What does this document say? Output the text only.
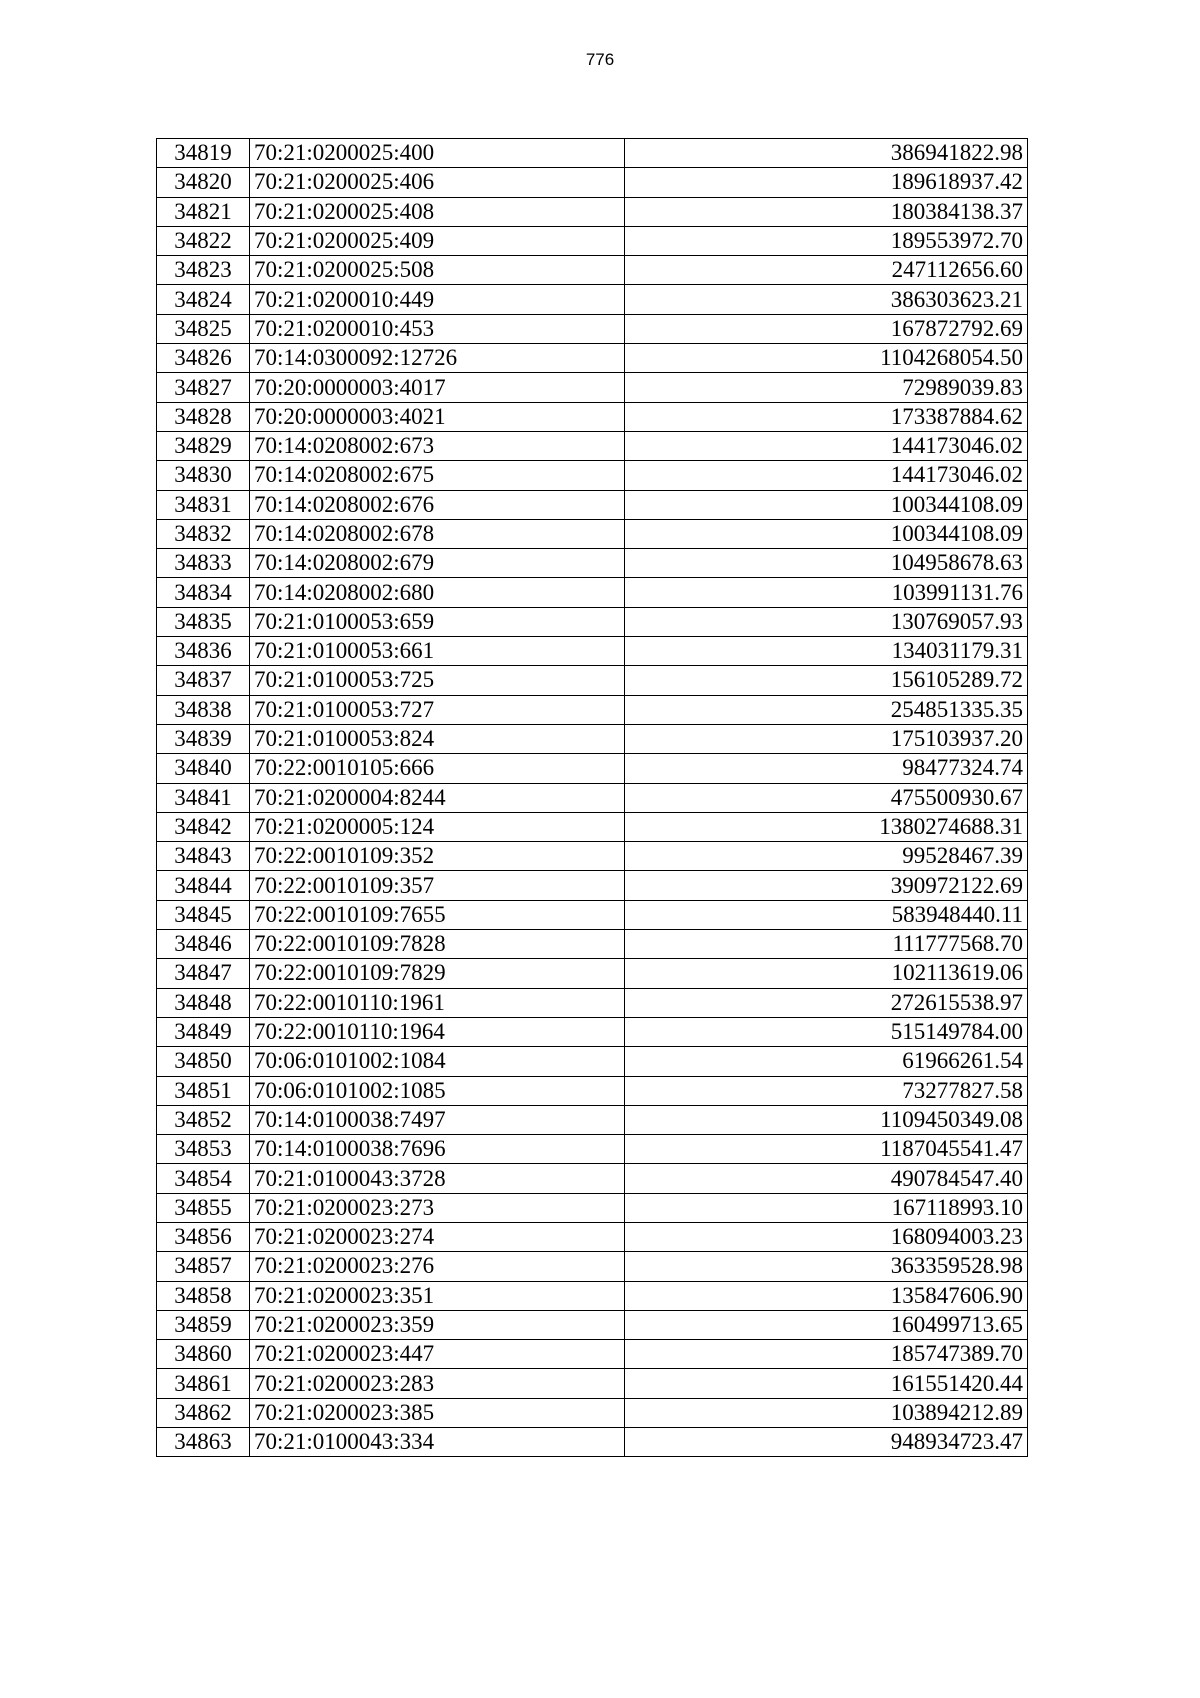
776
34819	70:21:0200025:400	386941822.98
34820	70:21:0200025:406	189618937.42
34821	70:21:0200025:408	180384138.37
34822	70:21:0200025:409	189553972.70
34823	70:21:0200025:508	247112656.60
34824	70:21:0200010:449	386303623.21
34825	70:21:0200010:453	167872792.69
34826	70:14:0300092:12726	1104268054.50
34827	70:20:0000003:4017	72989039.83
34828	70:20:0000003:4021	173387884.62
34829	70:14:0208002:673	144173046.02
34830	70:14:0208002:675	144173046.02
34831	70:14:0208002:676	100344108.09
34832	70:14:0208002:678	100344108.09
34833	70:14:0208002:679	104958678.63
34834	70:14:0208002:680	103991131.76
34835	70:21:0100053:659	130769057.93
34836	70:21:0100053:661	134031179.31
34837	70:21:0100053:725	156105289.72
34838	70:21:0100053:727	254851335.35
34839	70:21:0100053:824	175103937.20
34840	70:22:0010105:666	98477324.74
34841	70:21:0200004:8244	475500930.67
34842	70:21:0200005:124	1380274688.31
34843	70:22:0010109:352	99528467.39
34844	70:22:0010109:357	390972122.69
34845	70:22:0010109:7655	583948440.11
34846	70:22:0010109:7828	111777568.70
34847	70:22:0010109:7829	102113619.06
34848	70:22:0010110:1961	272615538.97
34849	70:22:0010110:1964	515149784.00
34850	70:06:0101002:1084	61966261.54
34851	70:06:0101002:1085	73277827.58
34852	70:14:0100038:7497	1109450349.08
34853	70:14:0100038:7696	1187045541.47
34854	70:21:0100043:3728	490784547.40
34855	70:21:0200023:273	167118993.10
34856	70:21:0200023:274	168094003.23
34857	70:21:0200023:276	363359528.98
34858	70:21:0200023:351	135847606.90
34859	70:21:0200023:359	160499713.65
34860	70:21:0200023:447	185747389.70
34861	70:21:0200023:283	161551420.44
34862	70:21:0200023:385	103894212.89
34863	70:21:0100043:334	948934723.47
